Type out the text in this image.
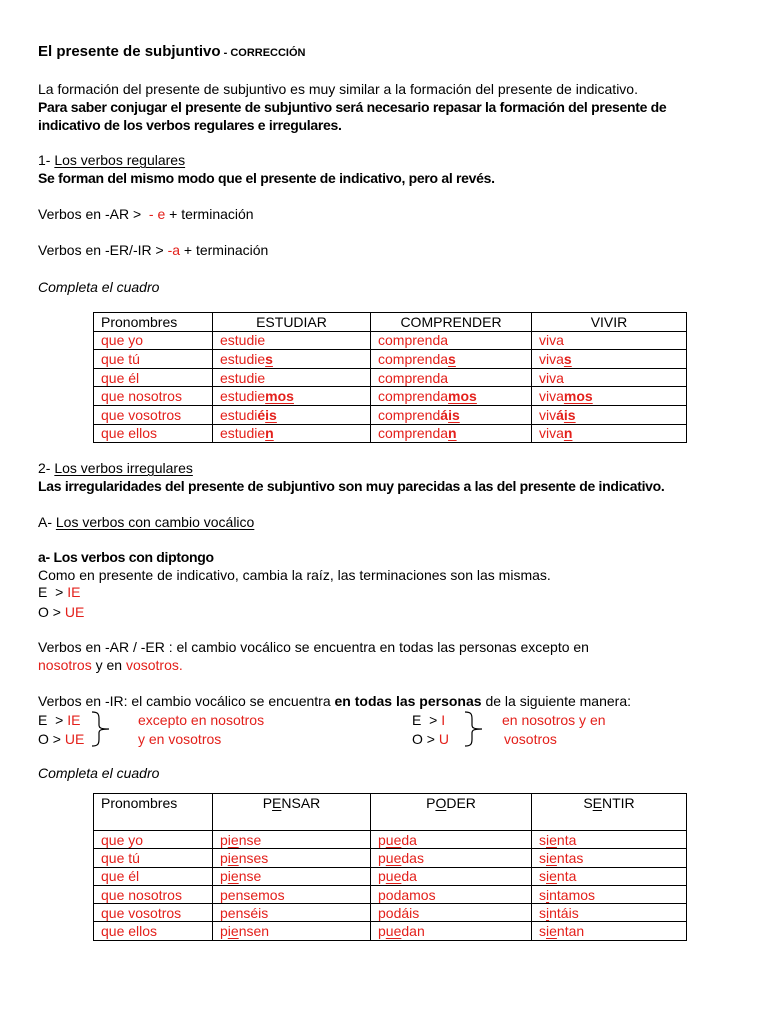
El presente de subjuntivo - CORRECCIÓN
La formación del presente de subjuntivo es muy similar a la formación del presente de indicativo.
Para saber conjugar el presente de subjuntivo será necesario repasar la formación del presente de
indicativo de los verbos regulares e irregulares.
1- Los verbos regulares
Se forman del mismo modo que el presente de indicativo, pero al revés.
Verbos en -AR >  - e + terminación
Verbos en -ER/-IR > -a + terminación
Completa el cuadro
Pronombres	ESTUDIAR	COMPRENDER	VIVIR
que yo	estudie	comprenda	viva
que tú	estudies	comprendas	vivas
que él	estudie	comprenda	viva
que nosotros	estudiemos	comprendamos	vivamos
que vosotros	estudiéis	comprendáis	viváis
que ellos	estudien	comprendan	vivan
2- Los verbos irregulares
Las irregularidades del presente de subjuntivo son muy parecidas a las del presente de indicativo.
A- Los verbos con cambio vocálico
a- Los verbos con diptongo
Como en presente de indicativo, cambia la raíz, las terminaciones son las mismas.
E  > IE
O > UE
Verbos en -AR / -ER : el cambio vocálico se encuentra en todas las personas excepto en
nosotros y en vosotros.
Verbos en -IR: el cambio vocálico se encuentra en todas las personas de la siguiente manera:
E  > IE
O > UE
excepto en nosotros
y en vosotros
E  > I
O > U
en nosotros y en
vosotros
Completa el cuadro
Pronombres	PENSAR	PODER	SENTIR
que yo	piense	pueda	sienta
que tú	pienses	puedas	sientas
que él	piense	pueda	sienta
que nosotros	pensemos	podamos	sintamos
que vosotros	penséis	podáis	sintáis
que ellos	piensen	puedan	sientan
